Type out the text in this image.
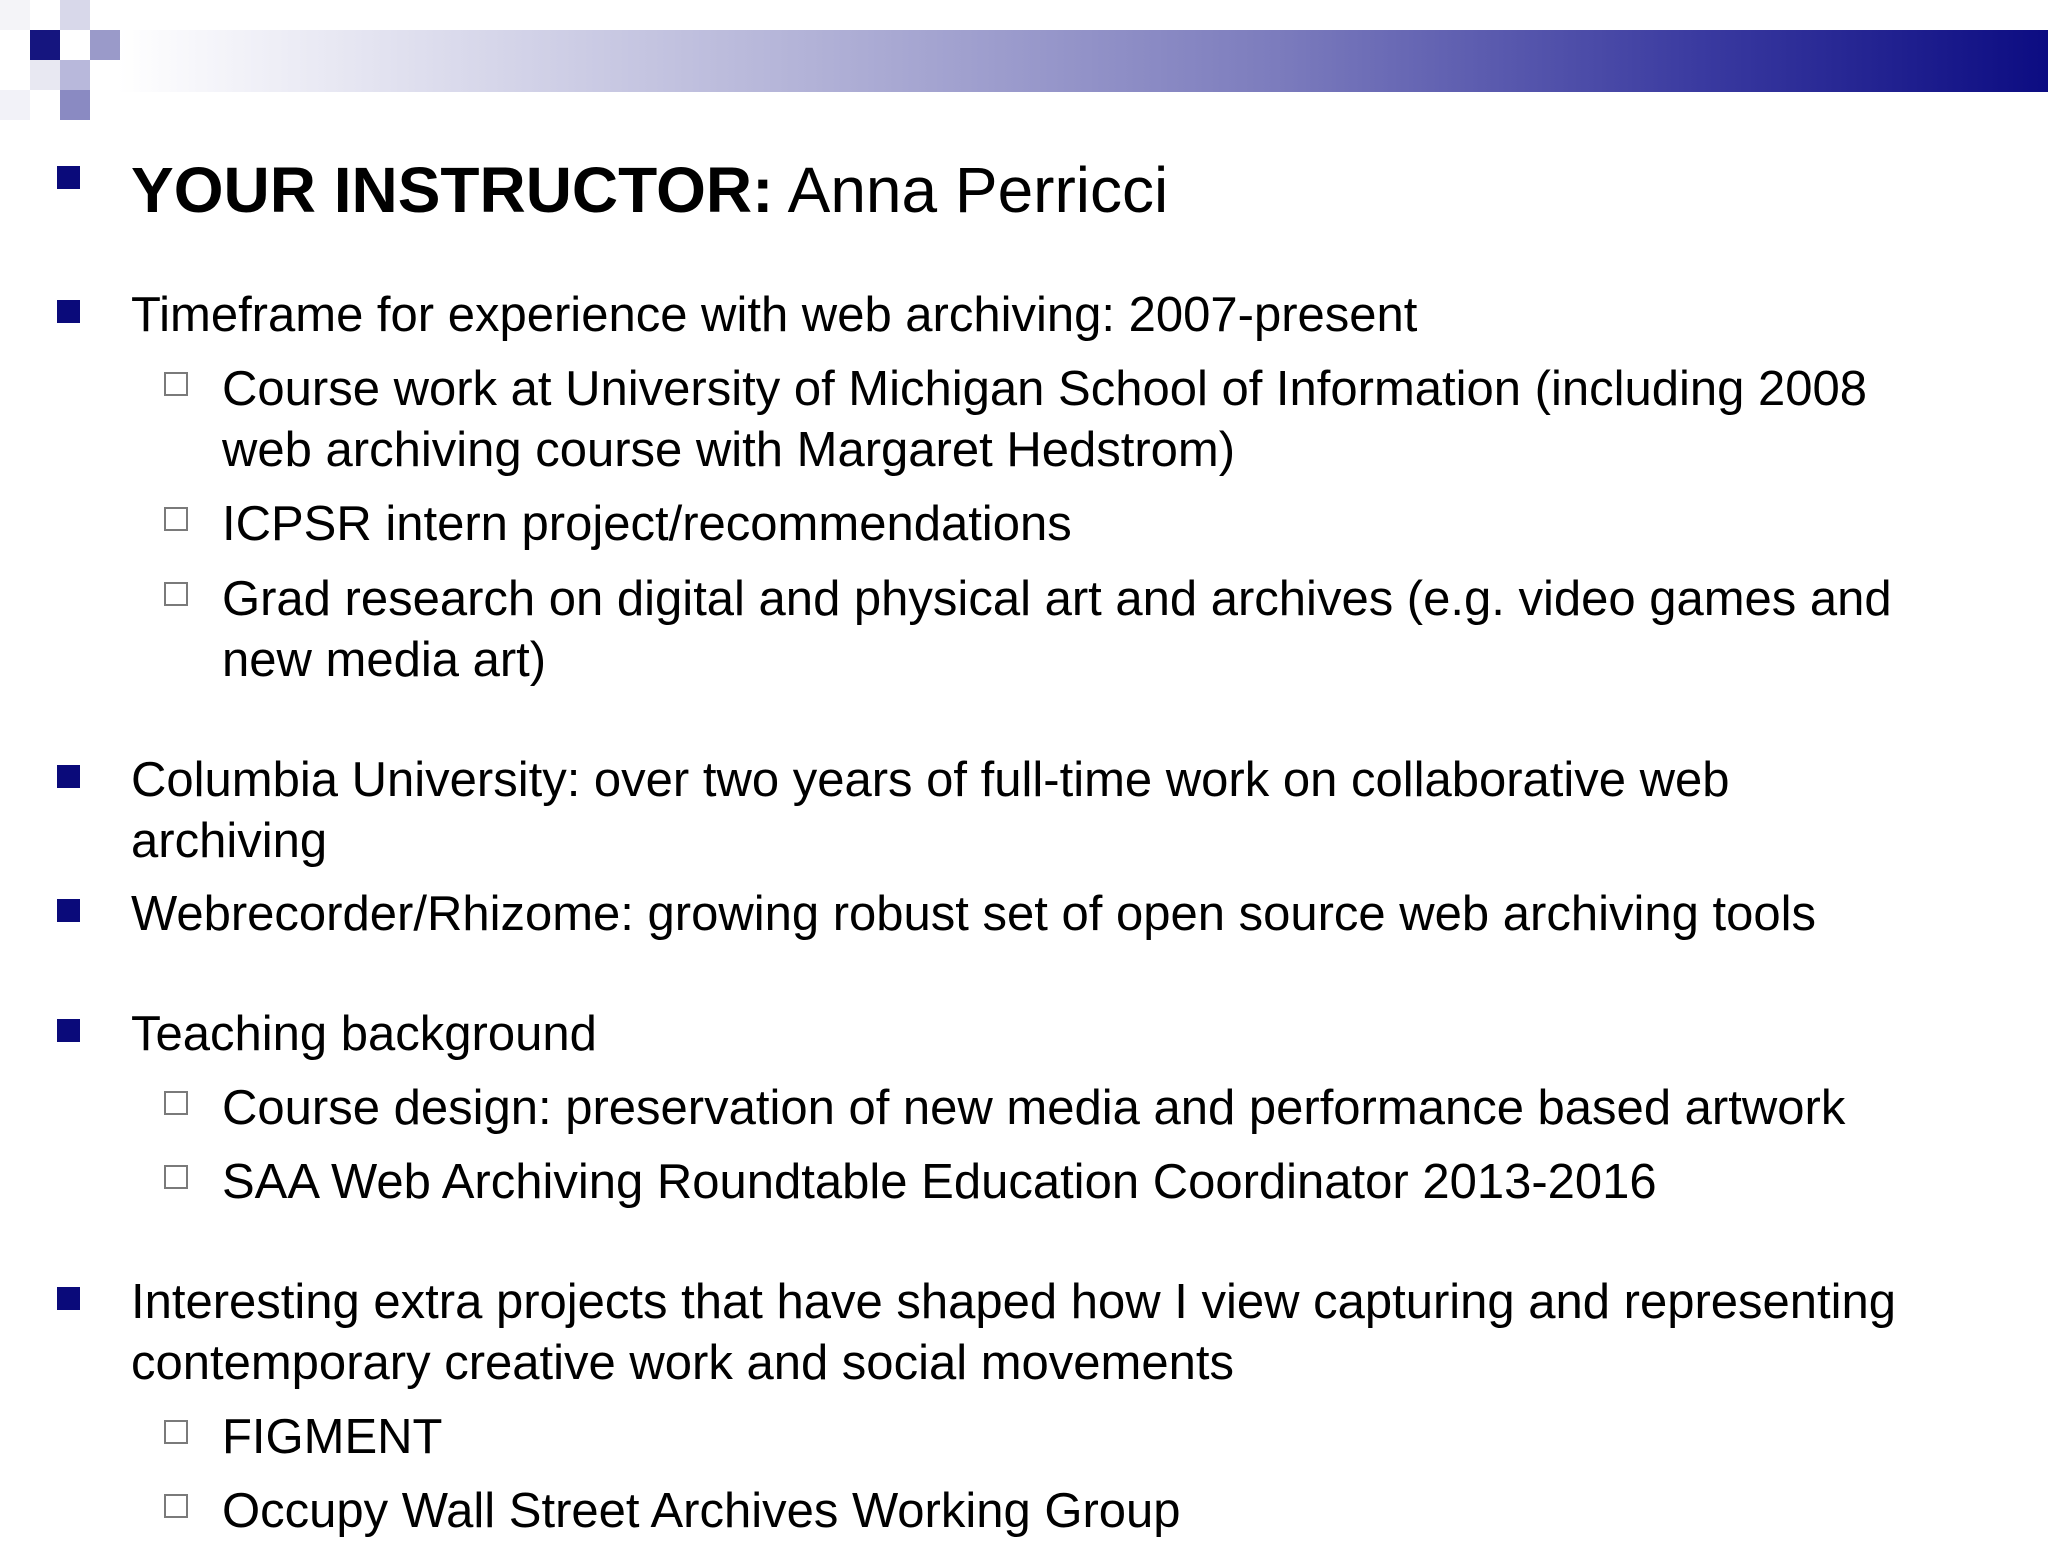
YOUR INSTRUCTOR: Anna Perricci
Timeframe for experience with web archiving: 2007-present
Course work at University of Michigan School of Information (including 2008
web archiving course with Margaret Hedstrom)
ICPSR intern project/recommendations
Grad research on digital and physical art and archives (e.g. video games and
new media art)
Columbia University: over two years of full-time work on collaborative web
archiving
Webrecorder/Rhizome: growing robust set of open source web archiving tools
Teaching background
Course design: preservation of new media and performance based artwork
SAA Web Archiving Roundtable Education Coordinator 2013-2016
Interesting extra projects that have shaped how I view capturing and representing
contemporary creative work and social movements
FIGMENT
Occupy Wall Street Archives Working Group
